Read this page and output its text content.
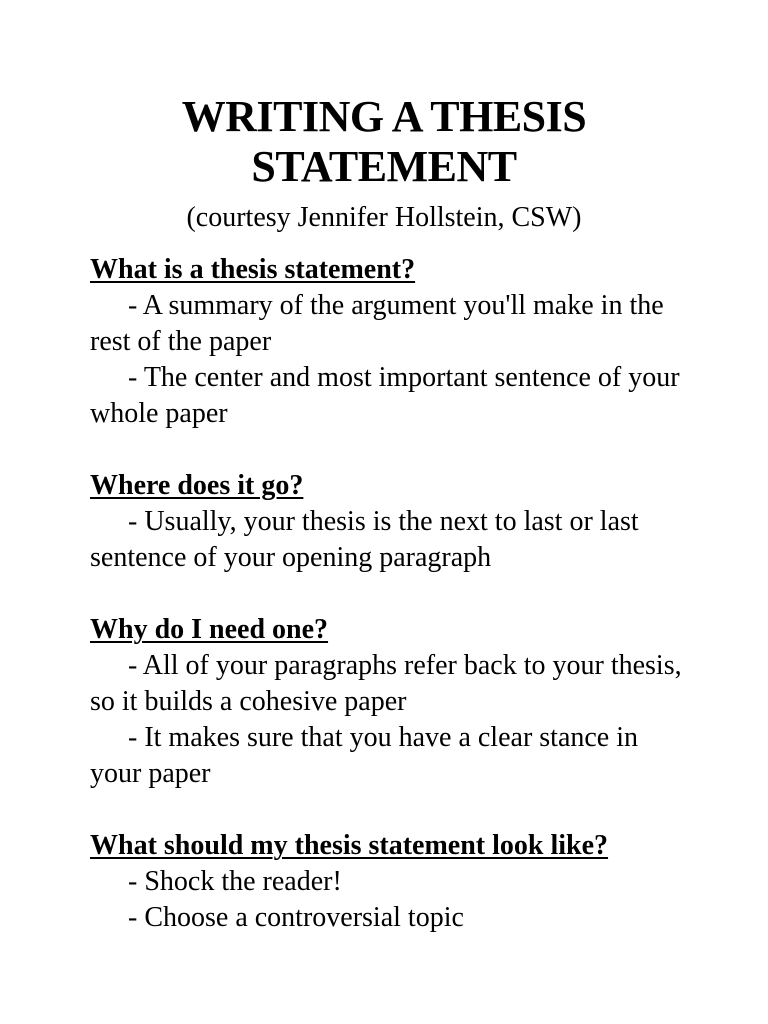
WRITING A THESIS
STATEMENT
(courtesy Jennifer Hollstein, CSW)
What is a thesis statement?
- A summary of the argument you'll make in the rest of the paper
- The center and most important sentence of your whole paper
Where does it go?
- Usually, your thesis is the next to last or last sentence of your opening paragraph
Why do I need one?
- All of your paragraphs refer back to your thesis, so it builds a cohesive paper
- It makes sure that you have a clear stance in your paper
What should my thesis statement look like?
- Shock the reader!
- Choose a controversial topic
